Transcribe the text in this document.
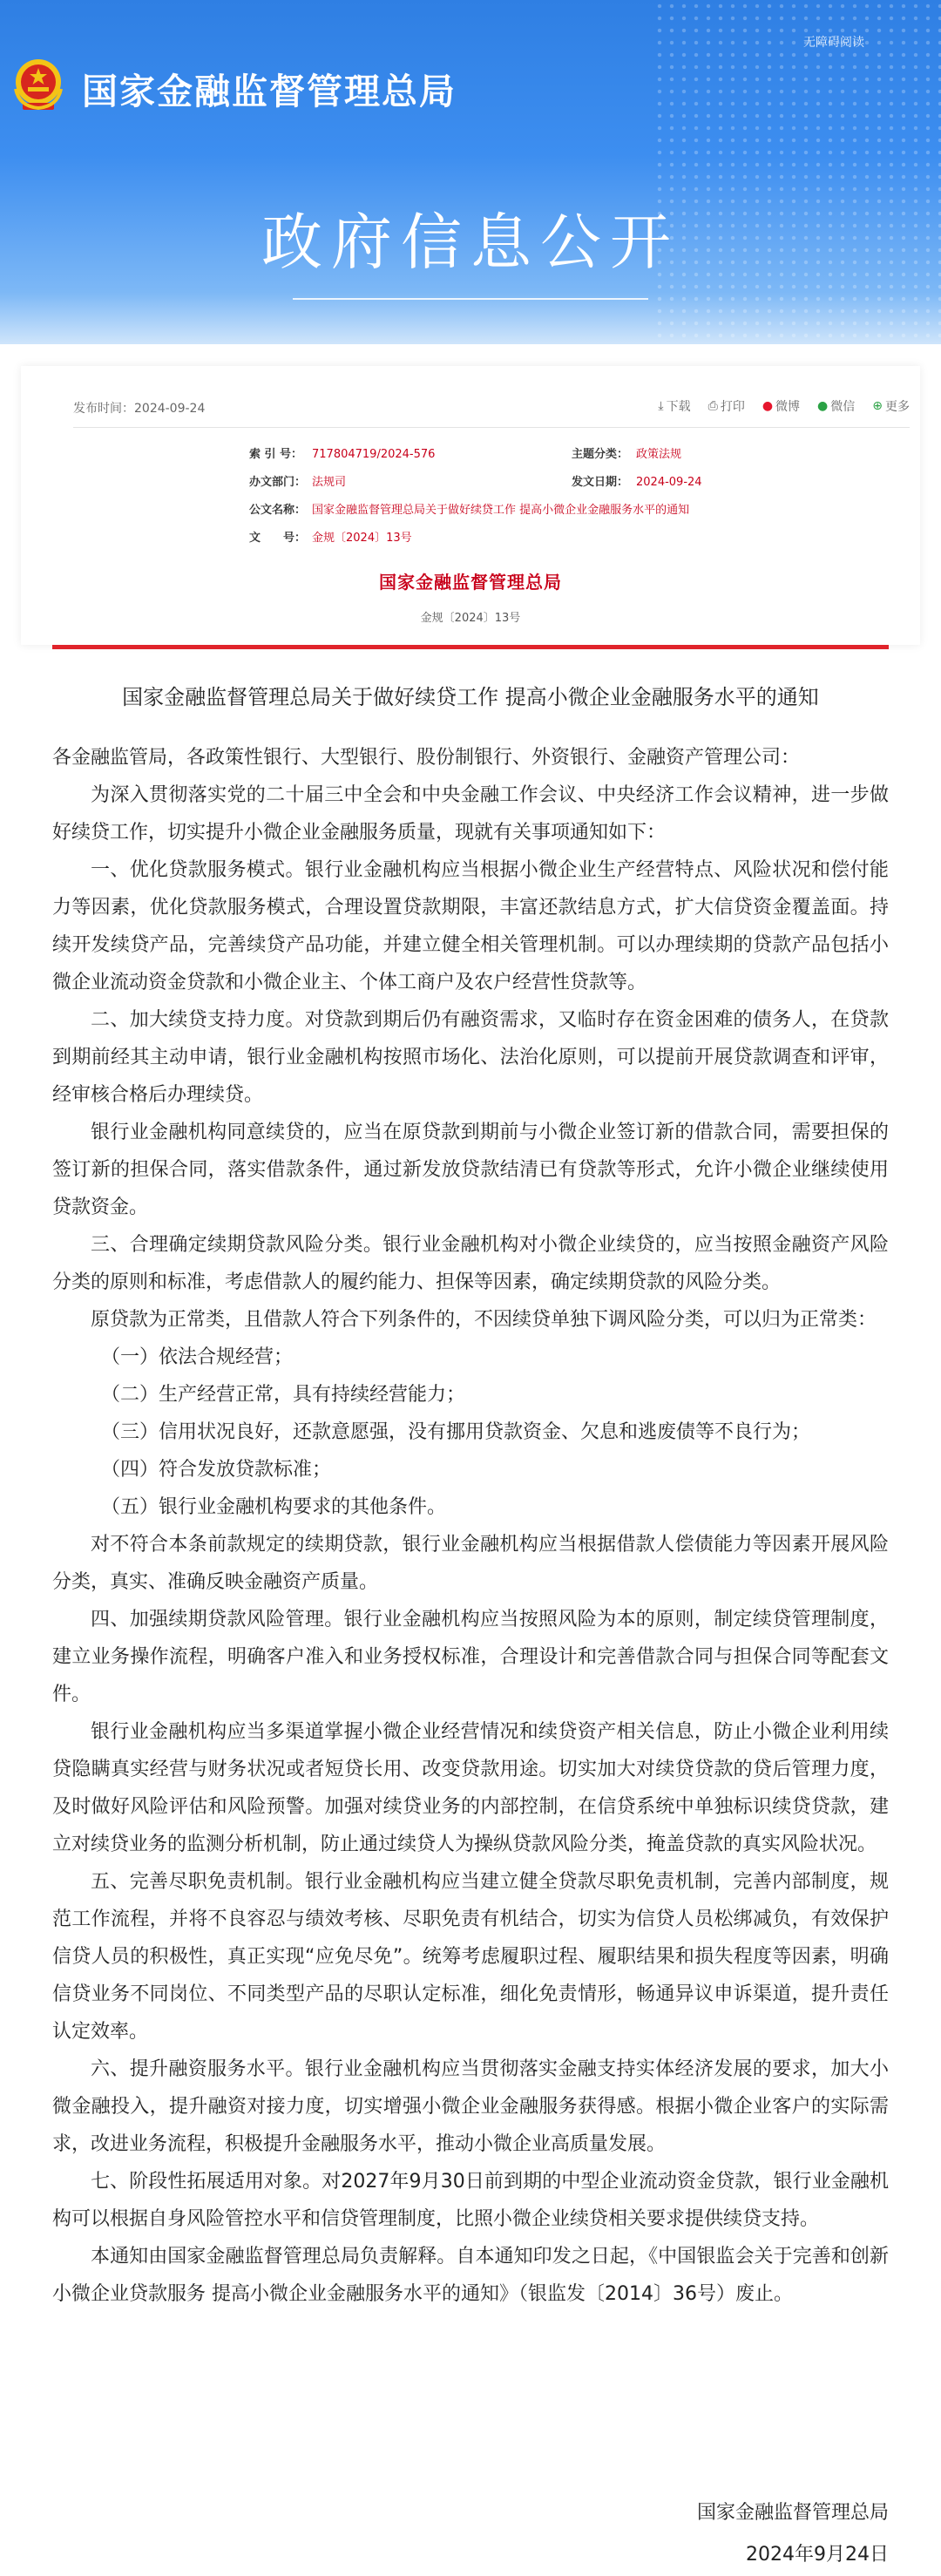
无障碍阅读
国家金融监督管理总局
政府信息公开
发布时间：2024-09-24	⤓ 下载 ⎙ 打印 ● 微博 ● 微信 ⊕ 更多
索 引 号： 717804719/2024-576	主题分类： 政策法规
办文部门： 法规司	发文日期： 2024-09-24
公文名称： 国家金融监督管理总局关于做好续贷工作 提高小微企业金融服务水平的通知
文　　号： 金规〔2024〕13号
国家金融监督管理总局
金规〔2024〕13号
国家金融监督管理总局关于做好续贷工作 提高小微企业金融服务水平的通知

各金融监管局，各政策性银行、大型银行、股份制银行、外资银行、金融资产管理公司：

为深入贯彻落实党的二十届三中全会和中央金融工作会议、中央经济工作会议精神，进一步做好续贷工作，切实提升小微企业金融服务质量，现就有关事项通知如下：

一、优化贷款服务模式。银行业金融机构应当根据小微企业生产经营特点、风险状况和偿付能力等因素，优化贷款服务模式，合理设置贷款期限，丰富还款结息方式，扩大信贷资金覆盖面。持续开发续贷产品，完善续贷产品功能，并建立健全相关管理机制。可以办理续期的贷款产品包括小微企业流动资金贷款和小微企业主、个体工商户及农户经营性贷款等。

二、加大续贷支持力度。对贷款到期后仍有融资需求，又临时存在资金困难的债务人，在贷款到期前经其主动申请，银行业金融机构按照市场化、法治化原则，可以提前开展贷款调查和评审，经审核合格后办理续贷。

银行业金融机构同意续贷的，应当在原贷款到期前与小微企业签订新的借款合同，需要担保的签订新的担保合同，落实借款条件，通过新发放贷款结清已有贷款等形式，允许小微企业继续使用贷款资金。

三、合理确定续期贷款风险分类。银行业金融机构对小微企业续贷的，应当按照金融资产风险分类的原则和标准，考虑借款人的履约能力、担保等因素，确定续期贷款的风险分类。

原贷款为正常类，且借款人符合下列条件的，不因续贷单独下调风险分类，可以归为正常类：

（一）依法合规经营；

（二）生产经营正常，具有持续经营能力；

（三）信用状况良好，还款意愿强，没有挪用贷款资金、欠息和逃废债等不良行为；

（四）符合发放贷款标准；

（五）银行业金融机构要求的其他条件。

对不符合本条前款规定的续期贷款，银行业金融机构应当根据借款人偿债能力等因素开展风险分类，真实、准确反映金融资产质量。

四、加强续期贷款风险管理。银行业金融机构应当按照风险为本的原则，制定续贷管理制度，建立业务操作流程，明确客户准入和业务授权标准，合理设计和完善借款合同与担保合同等配套文件。

银行业金融机构应当多渠道掌握小微企业经营情况和续贷资产相关信息，防止小微企业利用续贷隐瞒真实经营与财务状况或者短贷长用、改变贷款用途。切实加大对续贷贷款的贷后管理力度，及时做好风险评估和风险预警。加强对续贷业务的内部控制，在信贷系统中单独标识续贷贷款，建立对续贷业务的监测分析机制，防止通过续贷人为操纵贷款风险分类，掩盖贷款的真实风险状况。

五、完善尽职免责机制。银行业金融机构应当建立健全贷款尽职免责机制，完善内部制度，规范工作流程，并将不良容忍与绩效考核、尽职免责有机结合，切实为信贷人员松绑减负，有效保护信贷人员的积极性，真正实现“应免尽免”。统筹考虑履职过程、履职结果和损失程度等因素，明确信贷业务不同岗位、不同类型产品的尽职认定标准，细化免责情形，畅通异议申诉渠道，提升责任认定效率。

六、提升融资服务水平。银行业金融机构应当贯彻落实金融支持实体经济发展的要求，加大小微金融投入，提升融资对接力度，切实增强小微企业金融服务获得感。根据小微企业客户的实际需求，改进业务流程，积极提升金融服务水平，推动小微企业高质量发展。

七、阶段性拓展适用对象。对2027年9月30日前到期的中型企业流动资金贷款，银行业金融机构可以根据自身风险管控水平和信贷管理制度，比照小微企业续贷相关要求提供续贷支持。

本通知由国家金融监督管理总局负责解释。自本通知印发之日起，《中国银监会关于完善和创新小微企业贷款服务 提高小微企业金融服务水平的通知》（银监发〔2014〕36号）废止。

国家金融监督管理总局
2024年9月24日
